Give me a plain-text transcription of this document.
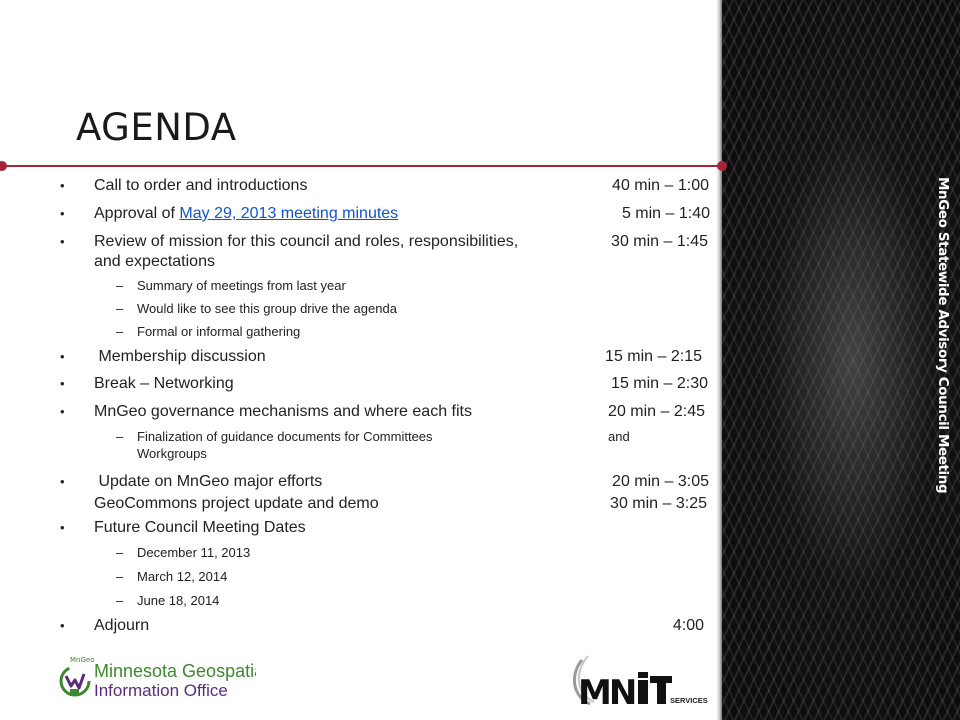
MnGeo Statewide Advisory Council Meeting
AGENDA
• Call to order and introductions	40 min – 1:00
• Approval of May 29, 2013 meeting minutes	5 min – 1:40
• Review of mission for this council and roles, responsibilities,	30 min – 1:45
and expectations
– Summary of meetings from last year
– Would like to see this group drive the agenda
– Formal or informal gathering
• Membership discussion	15 min – 2:15
• Break – Networking	15 min – 2:30
• MnGeo governance mechanisms and where each fits	20 min – 2:45
– Finalization of guidance documents for Committees	and
Workgroups
• Update on MnGeo major efforts	20 min – 3:05
GeoCommons project update and demo	30 min – 3:25
• Future Council Meeting Dates
– December 11, 2013
– March 12, 2014
– June 18, 2014
• Adjourn	4:00
MnGeo
Minnesota Geospatial
Information Office	MN	SERVICES
